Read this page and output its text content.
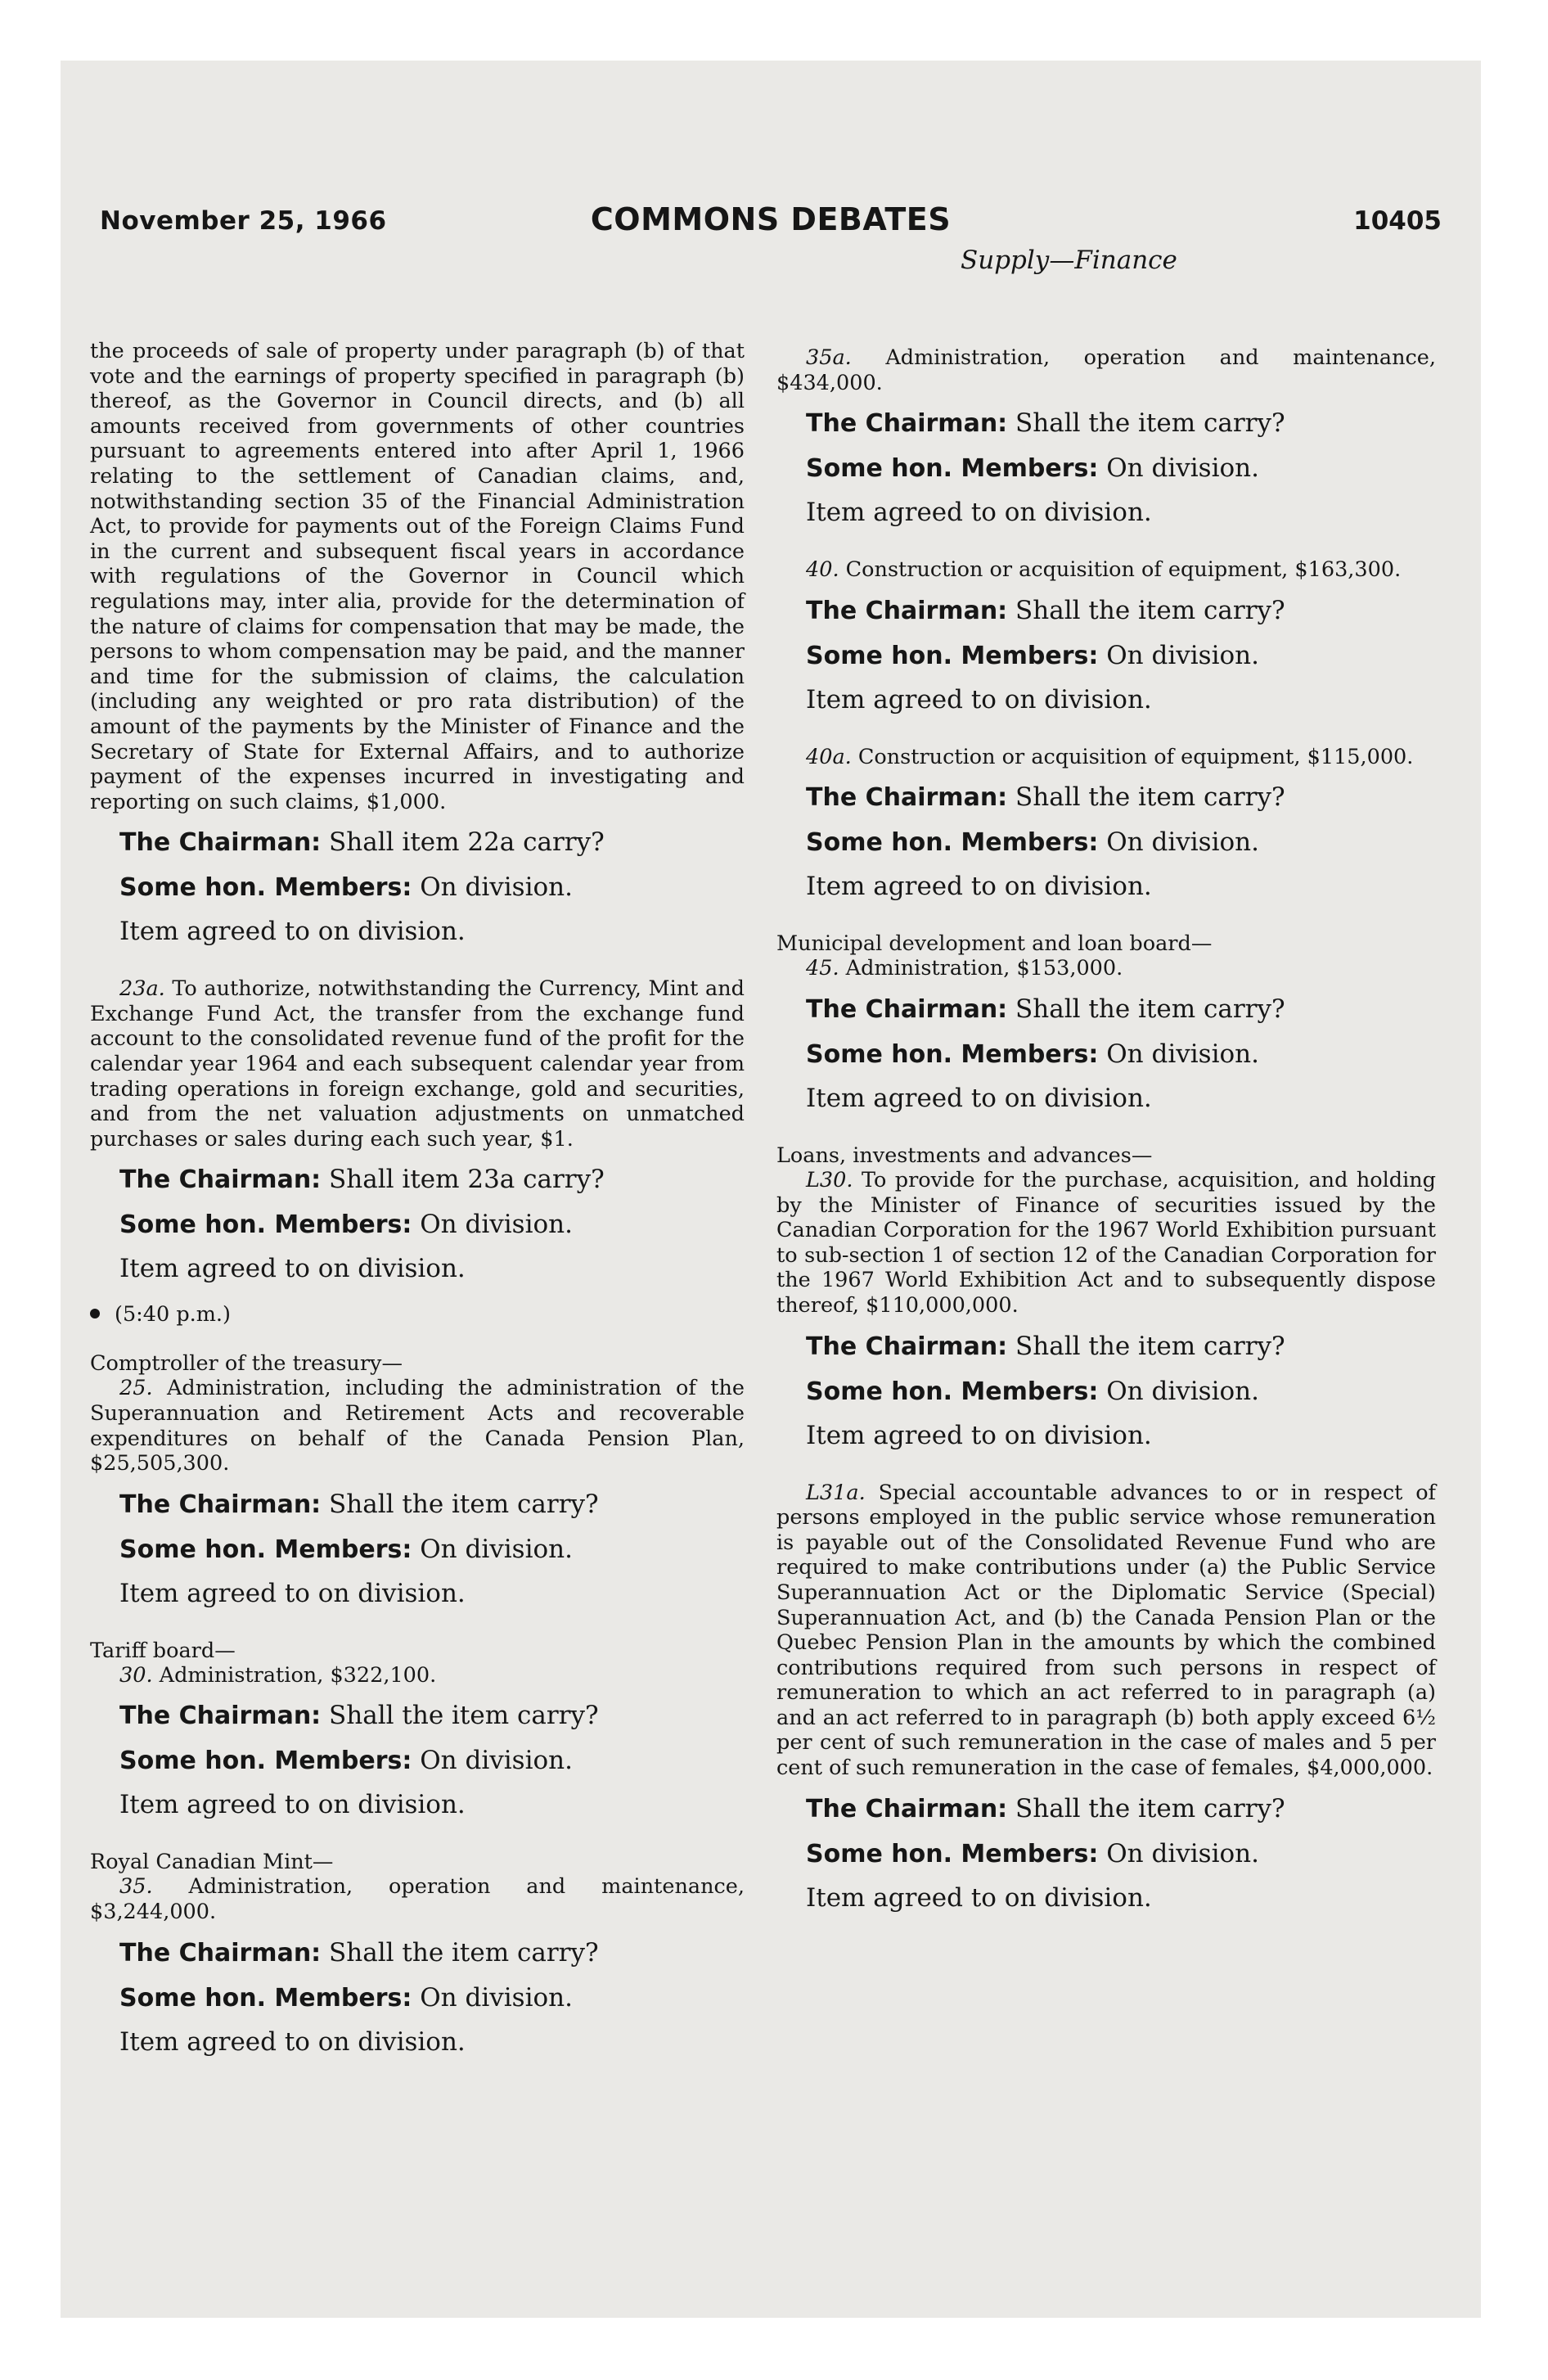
November 25, 1966	COMMONS DEBATES	10405
Supply—Finance

the proceeds of sale of property under paragraph (b) of that vote and the earnings of property specified in paragraph (b) thereof, as the Governor in Council directs, and (b) all amounts received from governments of other countries pursuant to agreements entered into after April 1, 1966 relating to the settlement of Canadian claims, and, notwithstanding section 35 of the Financial Administration Act, to provide for payments out of the Foreign Claims Fund in the current and subsequent fiscal years in accordance with regulations of the Governor in Council which regulations may, inter alia, provide for the determination of the nature of claims for compensation that may be made, the persons to whom compensation may be paid, and the manner and time for the submission of claims, the calculation (including any weighted or pro rata distribution) of the amount of the payments by the Minister of Finance and the Secretary of State for External Affairs, and to authorize payment of the expenses incurred in investigating and reporting on such claims, $1,000.

The Chairman: Shall item 22a carry?
Some hon. Members: On division.
Item agreed to on division.

23a. To authorize, notwithstanding the Currency, Mint and Exchange Fund Act, the transfer from the exchange fund account to the consolidated revenue fund of the profit for the calendar year 1964 and each subsequent calendar year from trading operations in foreign exchange, gold and securities, and from the net valuation adjustments on unmatched purchases or sales during each such year, $1.

The Chairman: Shall item 23a carry?
Some hon. Members: On division.
Item agreed to on division.
(5:40 p.m.)
Comptroller of the treasury—

25. Administration, including the administration of the Superannuation and Retirement Acts and recoverable expenditures on behalf of the Canada Pension Plan, $25,505,300.

The Chairman: Shall the item carry?
Some hon. Members: On division.
Item agreed to on division.
Tariff board—

30. Administration, $322,100.

The Chairman: Shall the item carry?
Some hon. Members: On division.
Item agreed to on division.
Royal Canadian Mint—

35. Administration, operation and maintenance, $3,244,000.

The Chairman: Shall the item carry?
Some hon. Members: On division.
Item agreed to on division.

35a. Administration, operation and maintenance, $434,000.

The Chairman: Shall the item carry?
Some hon. Members: On division.
Item agreed to on division.

40. Construction or acquisition of equipment, $163,300.

The Chairman: Shall the item carry?
Some hon. Members: On division.
Item agreed to on division.

40a. Construction or acquisition of equipment, $115,000.

The Chairman: Shall the item carry?
Some hon. Members: On division.
Item agreed to on division.
Municipal development and loan board—

45. Administration, $153,000.

The Chairman: Shall the item carry?
Some hon. Members: On division.
Item agreed to on division.
Loans, investments and advances—

L30. To provide for the purchase, acquisition, and holding by the Minister of Finance of securities issued by the Canadian Corporation for the 1967 World Exhibition pursuant to sub-section 1 of section 12 of the Canadian Corporation for the 1967 World Exhibition Act and to subsequently dispose thereof, $110,000,000.

The Chairman: Shall the item carry?
Some hon. Members: On division.
Item agreed to on division.

L31a. Special accountable advances to or in respect of persons employed in the public service whose remuneration is payable out of the Consolidated Revenue Fund who are required to make contributions under (a) the Public Service Superannuation Act or the Diplomatic Service (Special) Superannuation Act, and (b) the Canada Pension Plan or the Quebec Pension Plan in the amounts by which the combined contributions required from such persons in respect of remuneration to which an act referred to in paragraph (a) and an act referred to in paragraph (b) both apply exceed 6½ per cent of such remuneration in the case of males and 5 per cent of such remuneration in the case of females, $4,000,000.

The Chairman: Shall the item carry?
Some hon. Members: On division.
Item agreed to on division.
